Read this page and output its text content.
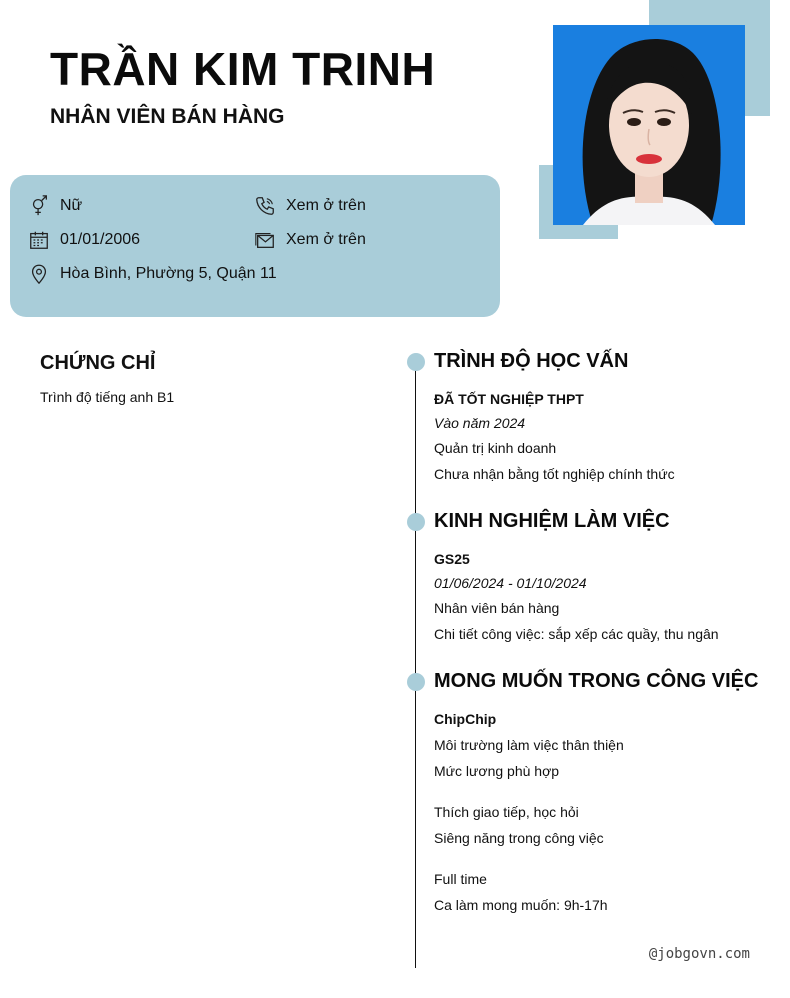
TRẦN KIM TRINH
NHÂN VIÊN BÁN HÀNG
Nữ	Xem ở trên
01/01/2006	Xem ở trên
Hòa Bình, Phường 5, Quận 11
CHỨNG CHỈ
Trình độ tiếng anh B1
TRÌNH ĐỘ HỌC VẤN
ĐÃ TỐT NGHIỆP THPT
Vào năm 2024
Quản trị kinh doanh
Chưa nhận bằng tốt nghiệp chính thức
KINH NGHIỆM LÀM VIỆC
GS25
01/06/2024 - 01/10/2024
Nhân viên bán hàng
Chi tiết công việc: sắp xếp các quầy, thu ngân
MONG MUỐN TRONG CÔNG VIỆC
ChipChip
Môi trường làm việc thân thiện
Mức lương phù hợp
Thích giao tiếp, học hỏi
Siêng năng trong công việc
Full time
Ca làm mong muốn: 9h-17h
@jobgovn.com
